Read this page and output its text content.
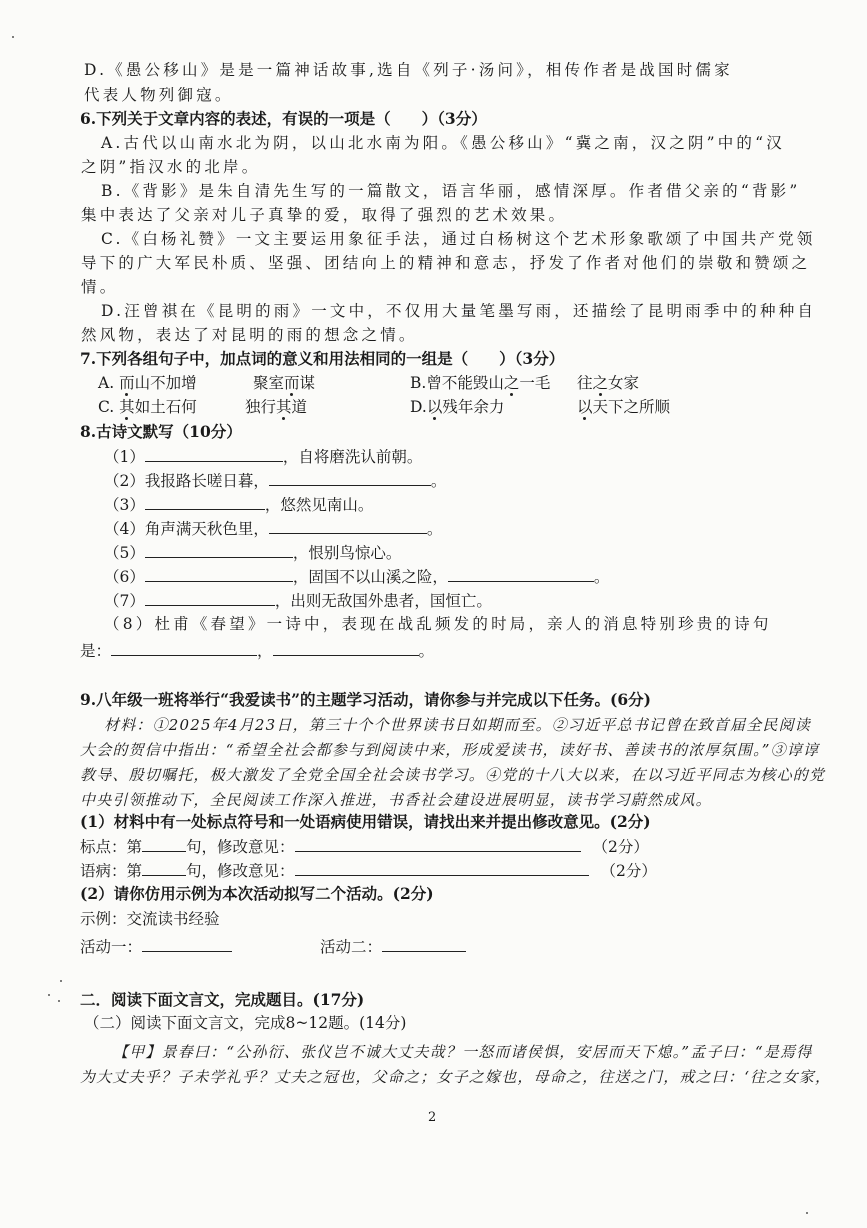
D.《愚公移山》是是一篇神话故事,选自《列子·汤问》，相传作者是战国时儒家
代表人物列御寇。
6.下列关于文章内容的表述，有误的一项是（　　）（3分）
A.古代以山南水北为阴，以山北水南为阳。《愚公移山》“冀之南，汉之阴”中的“汉
之阴”指汉水的北岸。
B.《背影》是朱自清先生写的一篇散文，语言华丽，感情深厚。作者借父亲的“背影”
集中表达了父亲对儿子真挚的爱，取得了强烈的艺术效果。
C.《白杨礼赞》一文主要运用象征手法，通过白杨树这个艺术形象歌颂了中国共产党领
导下的广大军民朴质、坚强、团结向上的精神和意志，抒发了作者对他们的崇敬和赞颂之
情。
D.汪曾祺在《昆明的雨》一文中，不仅用大量笔墨写雨，还描绘了昆明雨季中的种种自
然风物，表达了对昆明的雨的想念之情。
7.下列各组句子中，加点词的意义和用法相同的一组是（　　）（3分）
A. 而山不加增	聚室而谋	B.曾不能毁山之一毛 往之女家
C. 其如土石何	独行其道	D.以残年余力	以天下之所顺
8.古诗文默写（10分）
（1）	，自将磨洗认前朝。
（2）我报路长嗟日暮，	。
（3）	，悠然见南山。
（4）角声满天秋色里，	。
（5）	，恨别鸟惊心。
（6）	，固国不以山溪之险，	。
（7）	，出则无敌国外患者，国恒亡。
（8）杜甫《春望》一诗中，表现在战乱频发的时局，亲人的消息特别珍贵的诗句
是：	，	。
9.八年级一班将举行“我爱读书”的主题学习活动，请你参与并完成以下任务。(6分)
材料：①2025年4月23日，第三十个个世界读书日如期而至。②习近平总书记曾在致首届全民阅读
大会的贺信中指出：“希望全社会都参与到阅读中来，形成爱读书，读好书、善读书的浓厚氛围。”③谆谆
教导、殷切嘱托，极大激发了全党全国全社会读书学习。④党的十八大以来，在以习近平同志为核心的党
中央引领推动下，全民阅读工作深入推进，书香社会建设进展明显，读书学习蔚然成风。
(1）材料中有一处标点符号和一处语病使用错误，请找出来并提出修改意见。(2分)
标点：第	句，修改意见：	（2分）
语病：第	句，修改意见：	（2分）
(2）请你仿用示例为本次活动拟写二个活动。(2分)
示例：交流读书经验
活动一：	活动二：
二．阅读下面文言文，完成题目。(17分)
（二）阅读下面文言文，完成8~12题。(14分)
【甲】景春曰：“公孙衍、张仪岂不诚大丈夫哉？一怒而诸侯惧，安居而天下熄。”孟子曰：“是焉得
为大丈夫乎？子未学礼乎？丈夫之冠也，父命之；女子之嫁也，母命之，往送之门，戒之曰：‘往之女家，
2
